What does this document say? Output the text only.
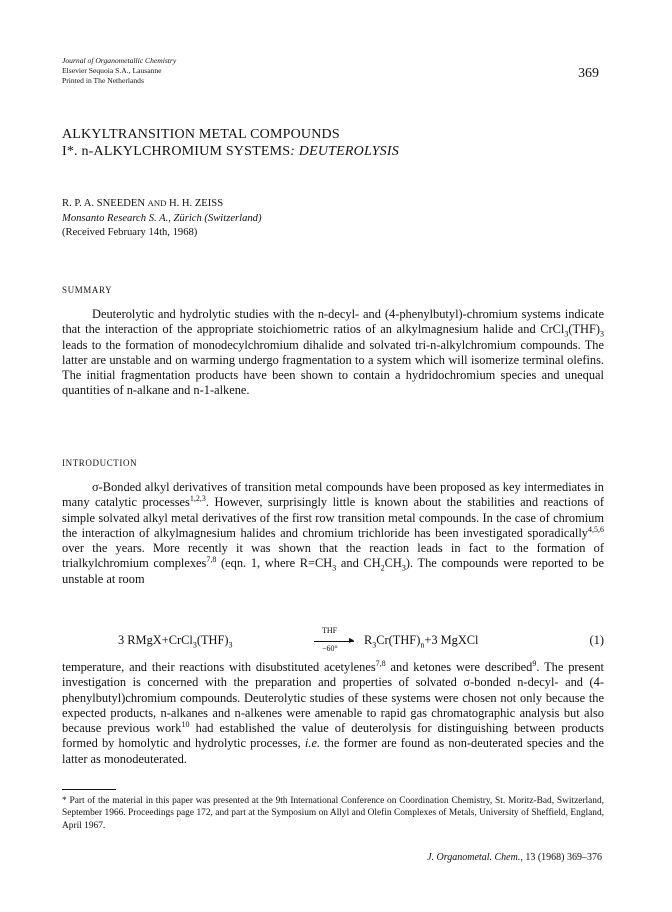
Journal of Organometallic Chemistry
Elsevier Sequoia S.A., Lausanne
Printed in The Netherlands	369
ALKYLTRANSITION METAL COMPOUNDS
I*. n-ALKYLCHROMIUM SYSTEMS: DEUTEROLYSIS
R. P. A. SNEEDEN AND H. H. ZEISS
Monsanto Research S. A., Zürich (Switzerland)
(Received February 14th, 1968)
SUMMARY

Deuterolytic and hydrolytic studies with the n-decyl- and (4-phenylbutyl)-chromium systems indicate that the interaction of the appropriate stoichiometric ratios of an alkylmagnesium halide and $CrCl_3(THF)_3$ leads to the formation of monodecylchromium dihalide and solvated tri-n-alkylchromium compounds. The latter are unstable and on warming undergo fragmentation to a system which will isomerize terminal olefins. The initial fragmentation products have been shown to contain a hydridochromium species and unequal quantities of n-alkane and n-1-alkene.

INTRODUCTION

σ-Bonded alkyl derivatives of transition metal compounds have been proposed as key intermediates in many catalytic processes$^{1,2,3}$. However, surprisingly little is known about the stabilities and reactions of simple solvated alkyl metal derivatives of the first row transition metal compounds. In the case of chromium the interaction of alkylmagnesium halides and chromium trichloride has been investigated sporadically$^{4,5,6}$ over the years. More recently it was shown that the reaction leads in fact to the formation of trialkylchromium complexes$^{7,8}$ (eqn. 1, where $R=CH_3$ and $CH_2CH_3$). The compounds were reported to be unstable at room

3 $RMgX+CrCl_3(THF)_3$
THF
▸
−60°
$R_3Cr(THF)_n+3$ MgXCl	(1)

temperature, and their reactions with disubstituted acetylenes$^{7,8}$ and ketones were described$^9$. The present investigation is concerned with the preparation and properties of solvated σ-bonded n-decyl- and (4-phenylbutyl)chromium compounds. Deuterolytic studies of these systems were chosen not only because the expected products, n-alkanes and n-alkenes were amenable to rapid gas chromatographic analysis but also because previous work$^{10}$ had established the value of deuterolysis for distinguishing between products formed by homolytic and hydrolytic processes, i.e. the former are found as non-deuterated species and the latter as monodeuterated.

* Part of the material in this paper was presented at the 9th International Conference on Coordination Chemistry, St. Moritz-Bad, Switzerland, September 1966. Proceedings page 172, and part at the Symposium on Allyl and Olefin Complexes of Metals, University of Sheffield, England, April 1967.
J. Organometal. Chem., 13 (1968) 369–376
